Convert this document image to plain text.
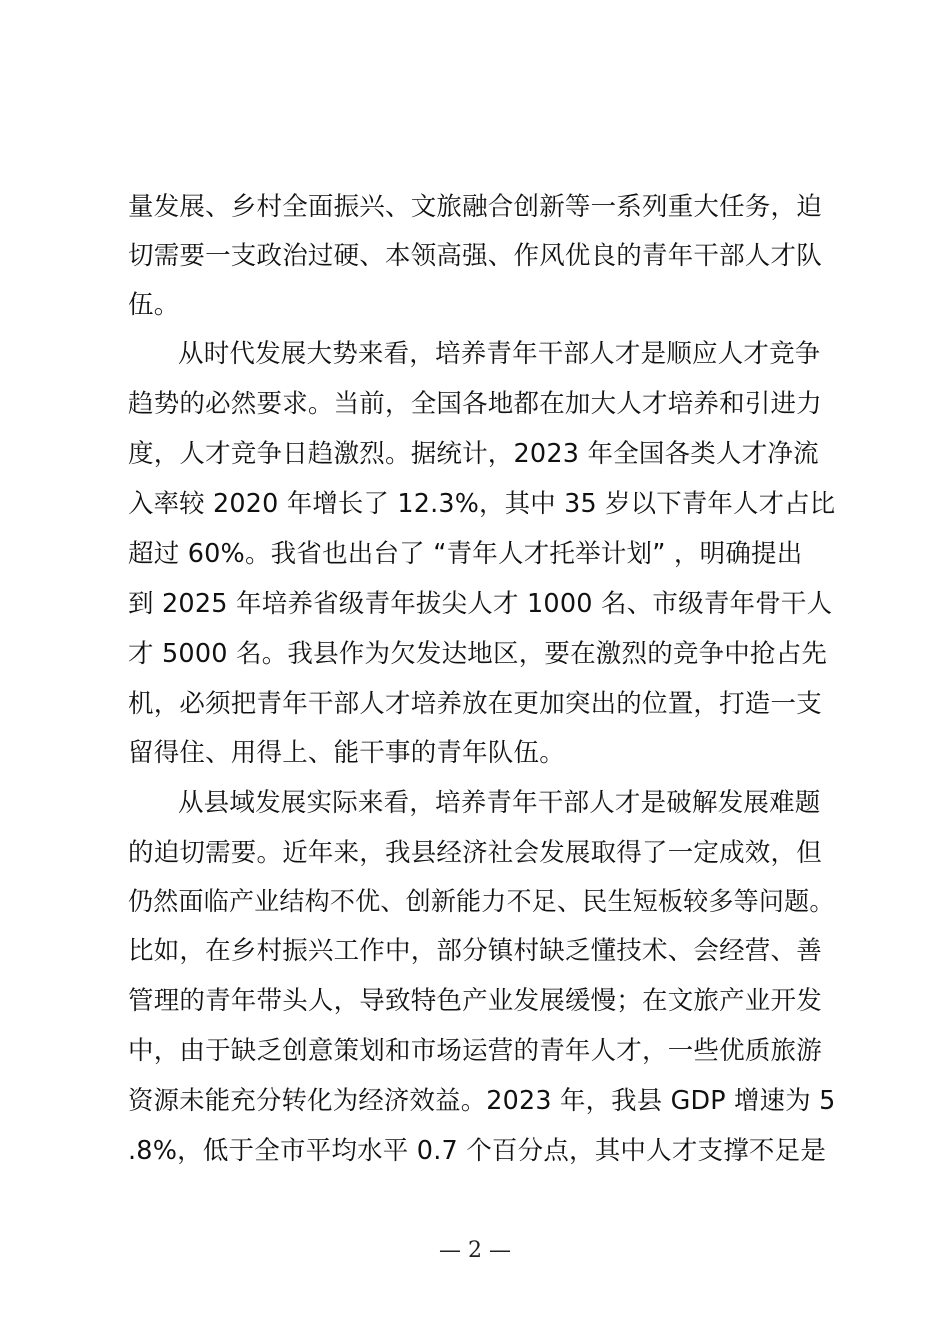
量发展、乡村全面振兴、文旅融合创新等一系列重大任务，迫
切需要一支政治过硬、本领高强、作风优良的青年干部人才队
伍。
从时代发展大势来看，培养青年干部人才是顺应人才竞争
趋势的必然要求。当前，全国各地都在加大人才培养和引进力
度，人才竞争日趋激烈。据统计，2023 年全国各类人才净流
入率较 2020 年增长了 12.3%，其中 35 岁以下青年人才占比
超过 60%。我省也出台了 “青年人才托举计划” ，明确提出
到 2025 年培养省级青年拔尖人才 1000 名、市级青年骨干人
才 5000 名。我县作为欠发达地区，要在激烈的竞争中抢占先
机，必须把青年干部人才培养放在更加突出的位置，打造一支
留得住、用得上、能干事的青年队伍。
从县域发展实际来看，培养青年干部人才是破解发展难题
的迫切需要。近年来，我县经济社会发展取得了一定成效，但
仍然面临产业结构不优、创新能力不足、民生短板较多等问题。
比如，在乡村振兴工作中，部分镇村缺乏懂技术、会经营、善
管理的青年带头人，导致特色产业发展缓慢；在文旅产业开发
中，由于缺乏创意策划和市场运营的青年人才，一些优质旅游
资源未能充分转化为经济效益。2023 年，我县 GDP 增速为 5
.8%，低于全市平均水平 0.7 个百分点，其中人才支撑不足是
— 2 —
